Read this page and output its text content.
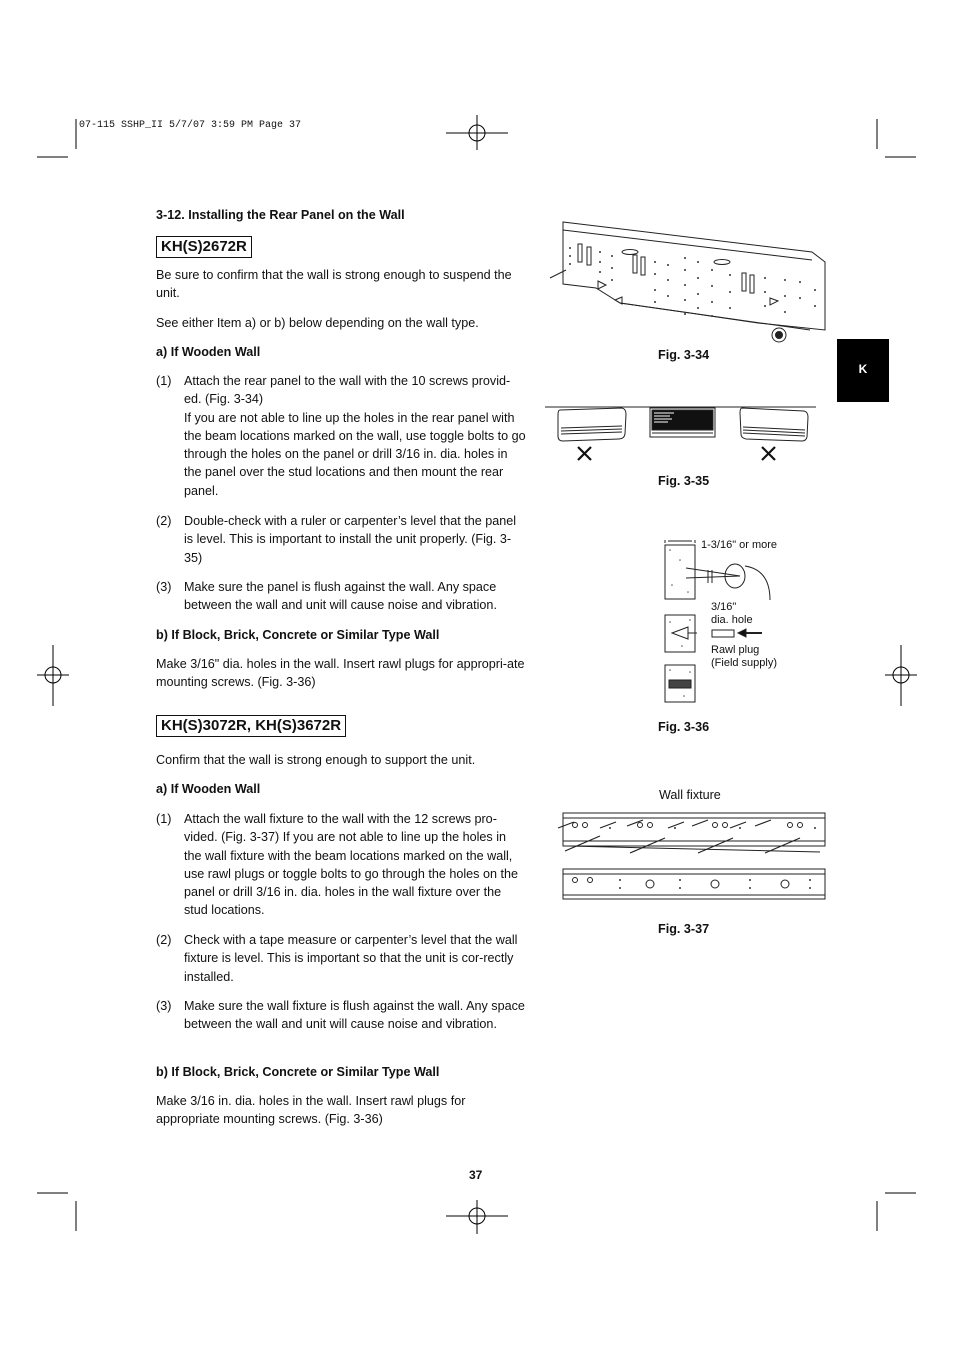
07-115 SSHP_II 5/7/07 3:59 PM Page 37
3-12. Installing the Rear Panel on the Wall
KH(S)2672R
Be sure to confirm that the wall is strong enough to suspend the unit.
See either Item a) or b) below depending on the wall type.
a) If Wooden Wall
(1) Attach the rear panel to the wall with the 10 screws provid-ed. (Fig. 3-34)
If you are not able to line up the holes in the rear panel with the beam locations marked on the wall, use toggle bolts to go through the holes on the panel or drill 3/16 in. dia. holes in the panel over the stud locations and then mount the rear panel.
(2) Double-check with a ruler or carpenter’s level that the panel is level. This is important to install the unit properly. (Fig. 3-35)
(3) Make sure the panel is flush against the wall. Any space between the wall and unit will cause noise and vibration.
b) If Block, Brick, Concrete or Similar Type Wall
Make 3/16" dia. holes in the wall. Insert rawl plugs for appropri-ate mounting screws. (Fig. 3-36)
KH(S)3072R, KH(S)3672R
Confirm that the wall is strong enough to support the unit.
a) If Wooden Wall
(1) Attach the wall fixture to the wall with the 12 screws pro-vided. (Fig. 3-37) If you are not able to line up the holes in the wall fixture with the beam locations marked on the wall, use rawl plugs or toggle bolts to go through the holes on the panel or drill 3/16 in. dia. holes in the wall fixture over the stud locations.
(2) Check with a tape measure or carpenter’s level that the wall fixture is level. This is important so that the unit is cor-rectly installed.
(3) Make sure the wall fixture is flush against the wall. Any space between the wall and unit will cause noise and vibration.
b) If Block, Brick, Concrete or Similar Type Wall
Make 3/16 in. dia. holes in the wall. Insert rawl plugs for appropriate mounting screws. (Fig. 3-36)
Fig. 3-34
Fig. 3-35
1-3/16" or more
3/16"
dia. hole
Rawl plug
(Field supply)
Fig. 3-36
Wall fixture
Fig. 3-37
K
37
